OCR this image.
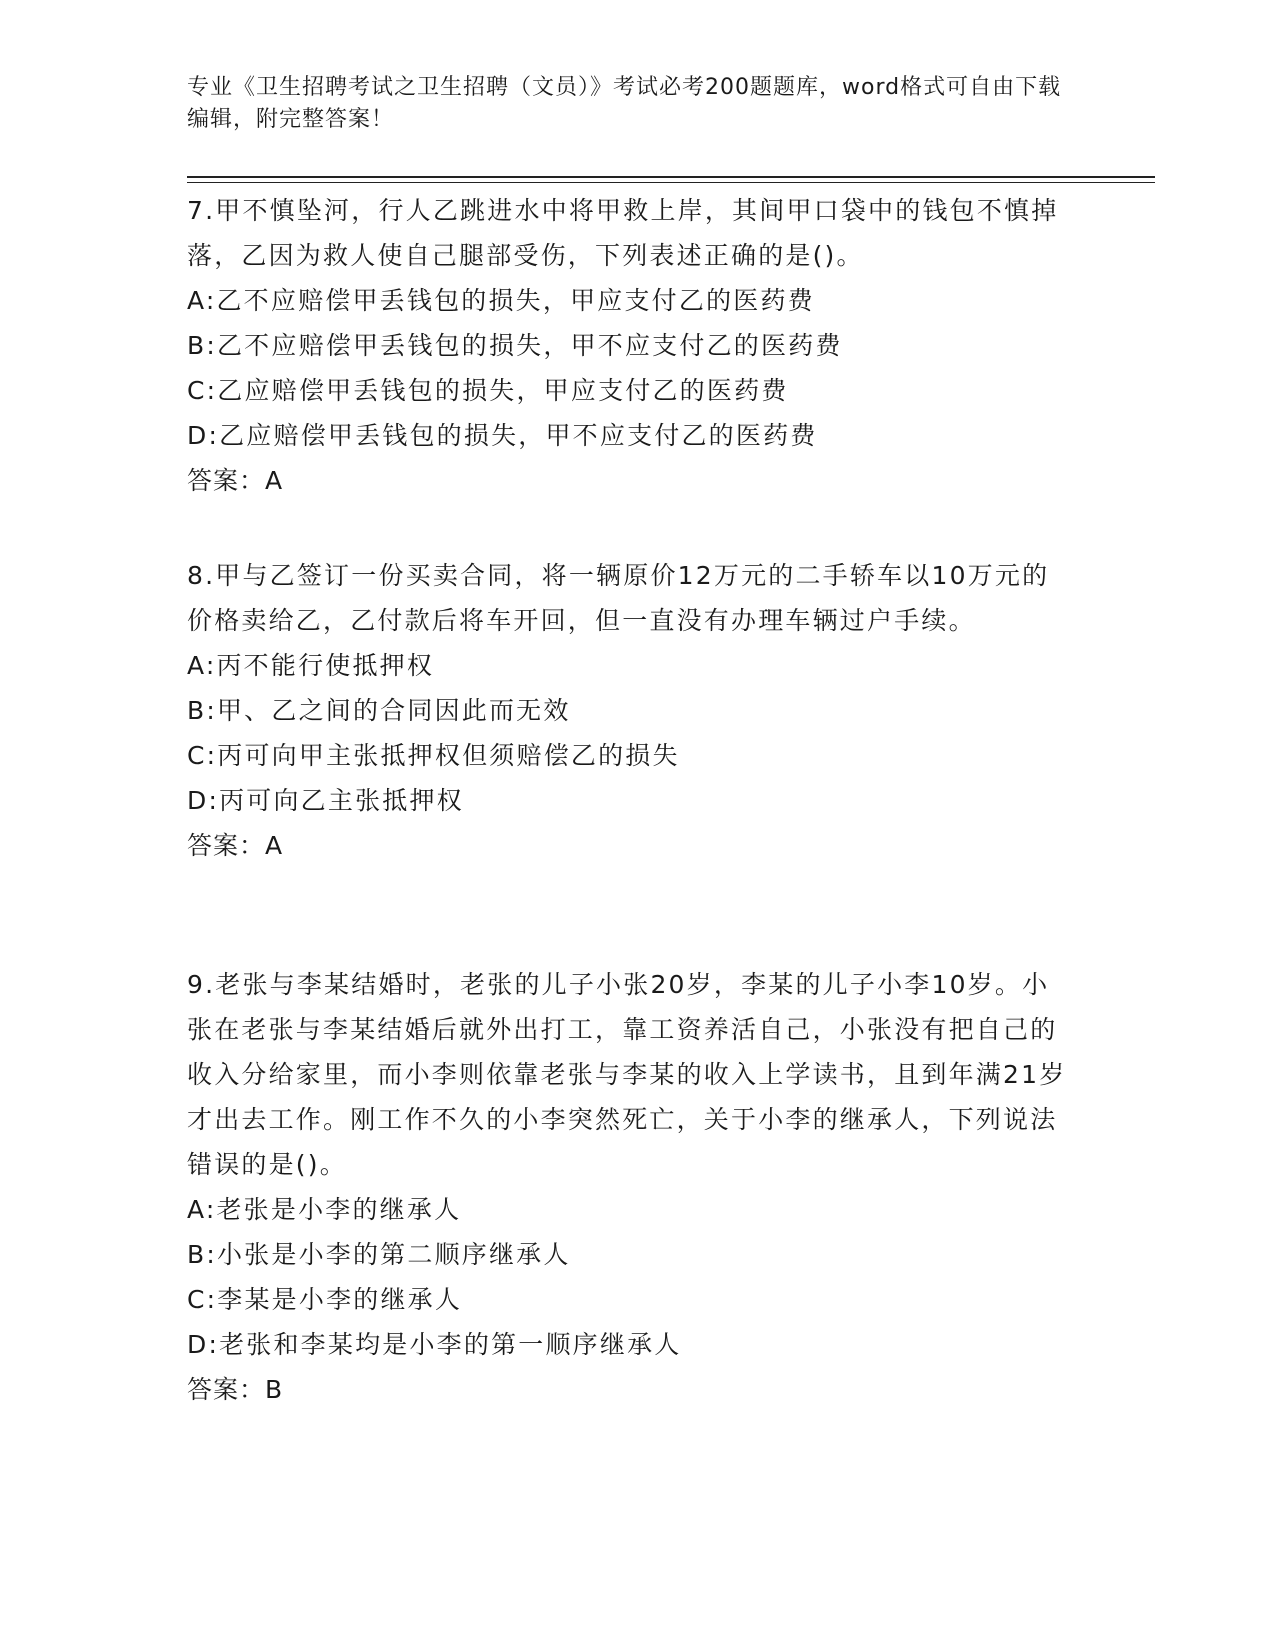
专业《卫生招聘考试之卫生招聘（文员）》考试必考200题题库，word格式可自由下载编辑，附完整答案！

7.甲不慎坠河，行人乙跳进水中将甲救上岸，其间甲口袋中的钱包不慎掉落，乙因为救人使自己腿部受伤，下列表述正确的是()。

A:乙不应赔偿甲丢钱包的损失，甲应支付乙的医药费

B:乙不应赔偿甲丢钱包的损失，甲不应支付乙的医药费

C:乙应赔偿甲丢钱包的损失，甲应支付乙的医药费

D:乙应赔偿甲丢钱包的损失，甲不应支付乙的医药费

答案：A

8.甲与乙签订一份买卖合同，将一辆原价12万元的二手轿车以10万元的价格卖给乙，乙付款后将车开回，但一直没有办理车辆过户手续。

A:丙不能行使抵押权

B:甲、乙之间的合同因此而无效

C:丙可向甲主张抵押权但须赔偿乙的损失

D:丙可向乙主张抵押权

答案：A

9.老张与李某结婚时，老张的儿子小张20岁，李某的儿子小李10岁。小张在老张与李某结婚后就外出打工，靠工资养活自己，小张没有把自己的收入分给家里，而小李则依靠老张与李某的收入上学读书，且到年满21岁才出去工作。刚工作不久的小李突然死亡，关于小李的继承人，下列说法错误的是()。

A:老张是小李的继承人

B:小张是小李的第二顺序继承人

C:李某是小李的继承人

D:老张和李某均是小李的第一顺序继承人

答案：B
